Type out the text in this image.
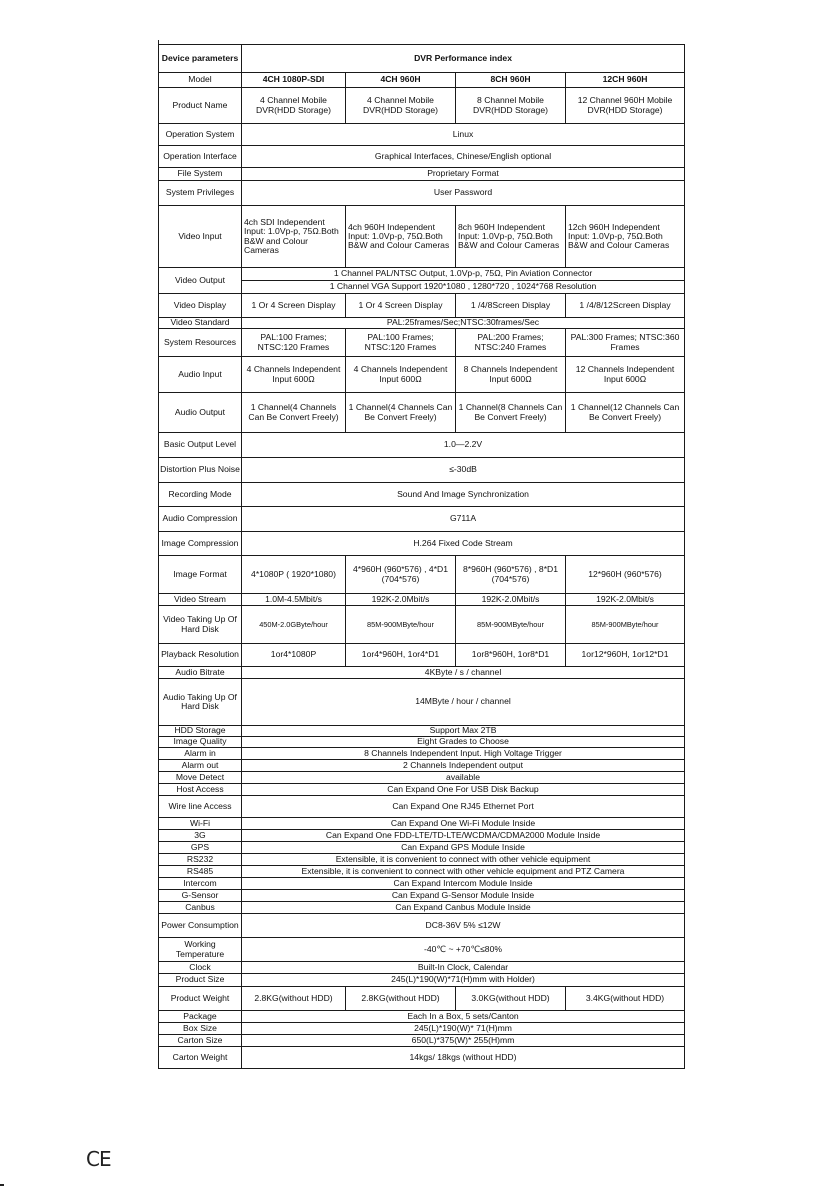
Device parameters	DVR Performance index			
Model	4CH 1080P-SDI	4CH 960H	8CH 960H	12CH 960H
Product Name	4 Channel Mobile DVR(HDD Storage)	4 Channel Mobile DVR(HDD Storage)	8 Channel Mobile DVR(HDD Storage)	12 Channel 960H Mobile DVR(HDD Storage)
Operation System	Linux			
Operation Interface	Graphical Interfaces, Chinese/English optional			
File System	Proprietary Format			
System Privileges	User Password			
Video Input	4ch SDI Independent Input: 1.0Vp-p, 75Ω.Both B&W and Colour Cameras	4ch 960H Independent Input: 1.0Vp-p, 75Ω.Both B&W and Colour Cameras	8ch 960H Independent Input: 1.0Vp-p, 75Ω.Both B&W and Colour Cameras	12ch 960H Independent Input: 1.0Vp-p, 75Ω.Both B&W and Colour Cameras
Video Output	1 Channel PAL/NTSC Output, 1.0Vp-p, 75Ω, Pin Aviation Connector			
	1 Channel VGA Support 1920*1080 , 1280*720 , 1024*768 Resolution			
Video Display	1 Or 4 Screen Display	1 Or 4 Screen Display	1 /4/8Screen Display	1 /4/8/12Screen Display
Video Standard	PAL:25frames/Sec;NTSC:30frames/Sec			
System Resources	PAL:100 Frames; NTSC:120 Frames	PAL:100 Frames; NTSC:120 Frames	PAL:200 Frames; NTSC:240 Frames	PAL:300 Frames; NTSC:360 Frames
Audio Input	4 Channels Independent Input 600Ω	4 Channels Independent Input 600Ω	8 Channels Independent Input 600Ω	12 Channels Independent Input 600Ω
Audio Output	1 Channel(4 Channels Can Be Convert Freely)	1 Channel(4 Channels Can Be Convert Freely)	1 Channel(8 Channels Can Be Convert Freely)	1 Channel(12 Channels Can Be Convert Freely)
Basic Output Level	1.0—2.2V			
Distortion Plus Noise	≤-30dB			
Recording Mode	Sound And Image Synchronization			
Audio Compression	G711A			
Image Compression	H.264 Fixed Code Stream			
Image Format	4*1080P ( 1920*1080)	4*960H (960*576) , 4*D1 (704*576)	8*960H (960*576) , 8*D1 (704*576)	12*960H (960*576)
Video Stream	1.0M-4.5Mbit/s	192K-2.0Mbit/s	192K-2.0Mbit/s	192K-2.0Mbit/s
Video Taking Up Of Hard Disk	450M-2.0GByte/hour	85M-900MByte/hour	85M-900MByte/hour	85M-900MByte/hour
Playback Resolution	1or4*1080P	1or4*960H, 1or4*D1	1or8*960H, 1or8*D1	1or12*960H, 1or12*D1
Audio Bitrate	4KByte / s / channel			
Audio Taking Up Of Hard Disk	14MByte / hour / channel			
HDD Storage	Support Max 2TB			
Image Quality	Eight Grades to Choose			
Alarm in	8 Channels Independent Input. High Voltage Trigger			
Alarm out	2 Channels Independent output			
Move Detect	available			
Host Access	Can Expand One For USB Disk Backup			
Wire line Access	Can Expand One RJ45 Ethernet Port			
Wi-Fi	Can Expand One Wi-Fi Module Inside			
3G	Can Expand One FDD-LTE/TD-LTE/WCDMA/CDMA2000 Module Inside			
GPS	Can Expand GPS Module Inside			
RS232	Extensible, it is convenient to connect with other vehicle equipment			
RS485	Extensible, it is convenient to connect with other vehicle equipment and PTZ Camera			
Intercom	Can Expand Intercom Module Inside			
G-Sensor	Can Expand G-Sensor Module Inside			
Canbus	Can Expand Canbus Module Inside			
Power Consumption	DC8-36V 5% ≤12W			
Working Temperature	-40℃ ~ +70℃≤80%			
Clock	Built-In Clock, Calendar			
Product Size	245(L)*190(W)*71(H)mm with Holder)			
Product Weight	2.8KG(without HDD)	2.8KG(without HDD)	3.0KG(without HDD)	3.4KG(without HDD)
Package	Each In a Box, 5 sets/Canton			
Box Size	245(L)*190(W)* 71(H)mm			
Carton Size	650(L)*375(W)* 255(H)mm			
Carton Weight	14kgs/ 18kgs (without HDD)			
CE
